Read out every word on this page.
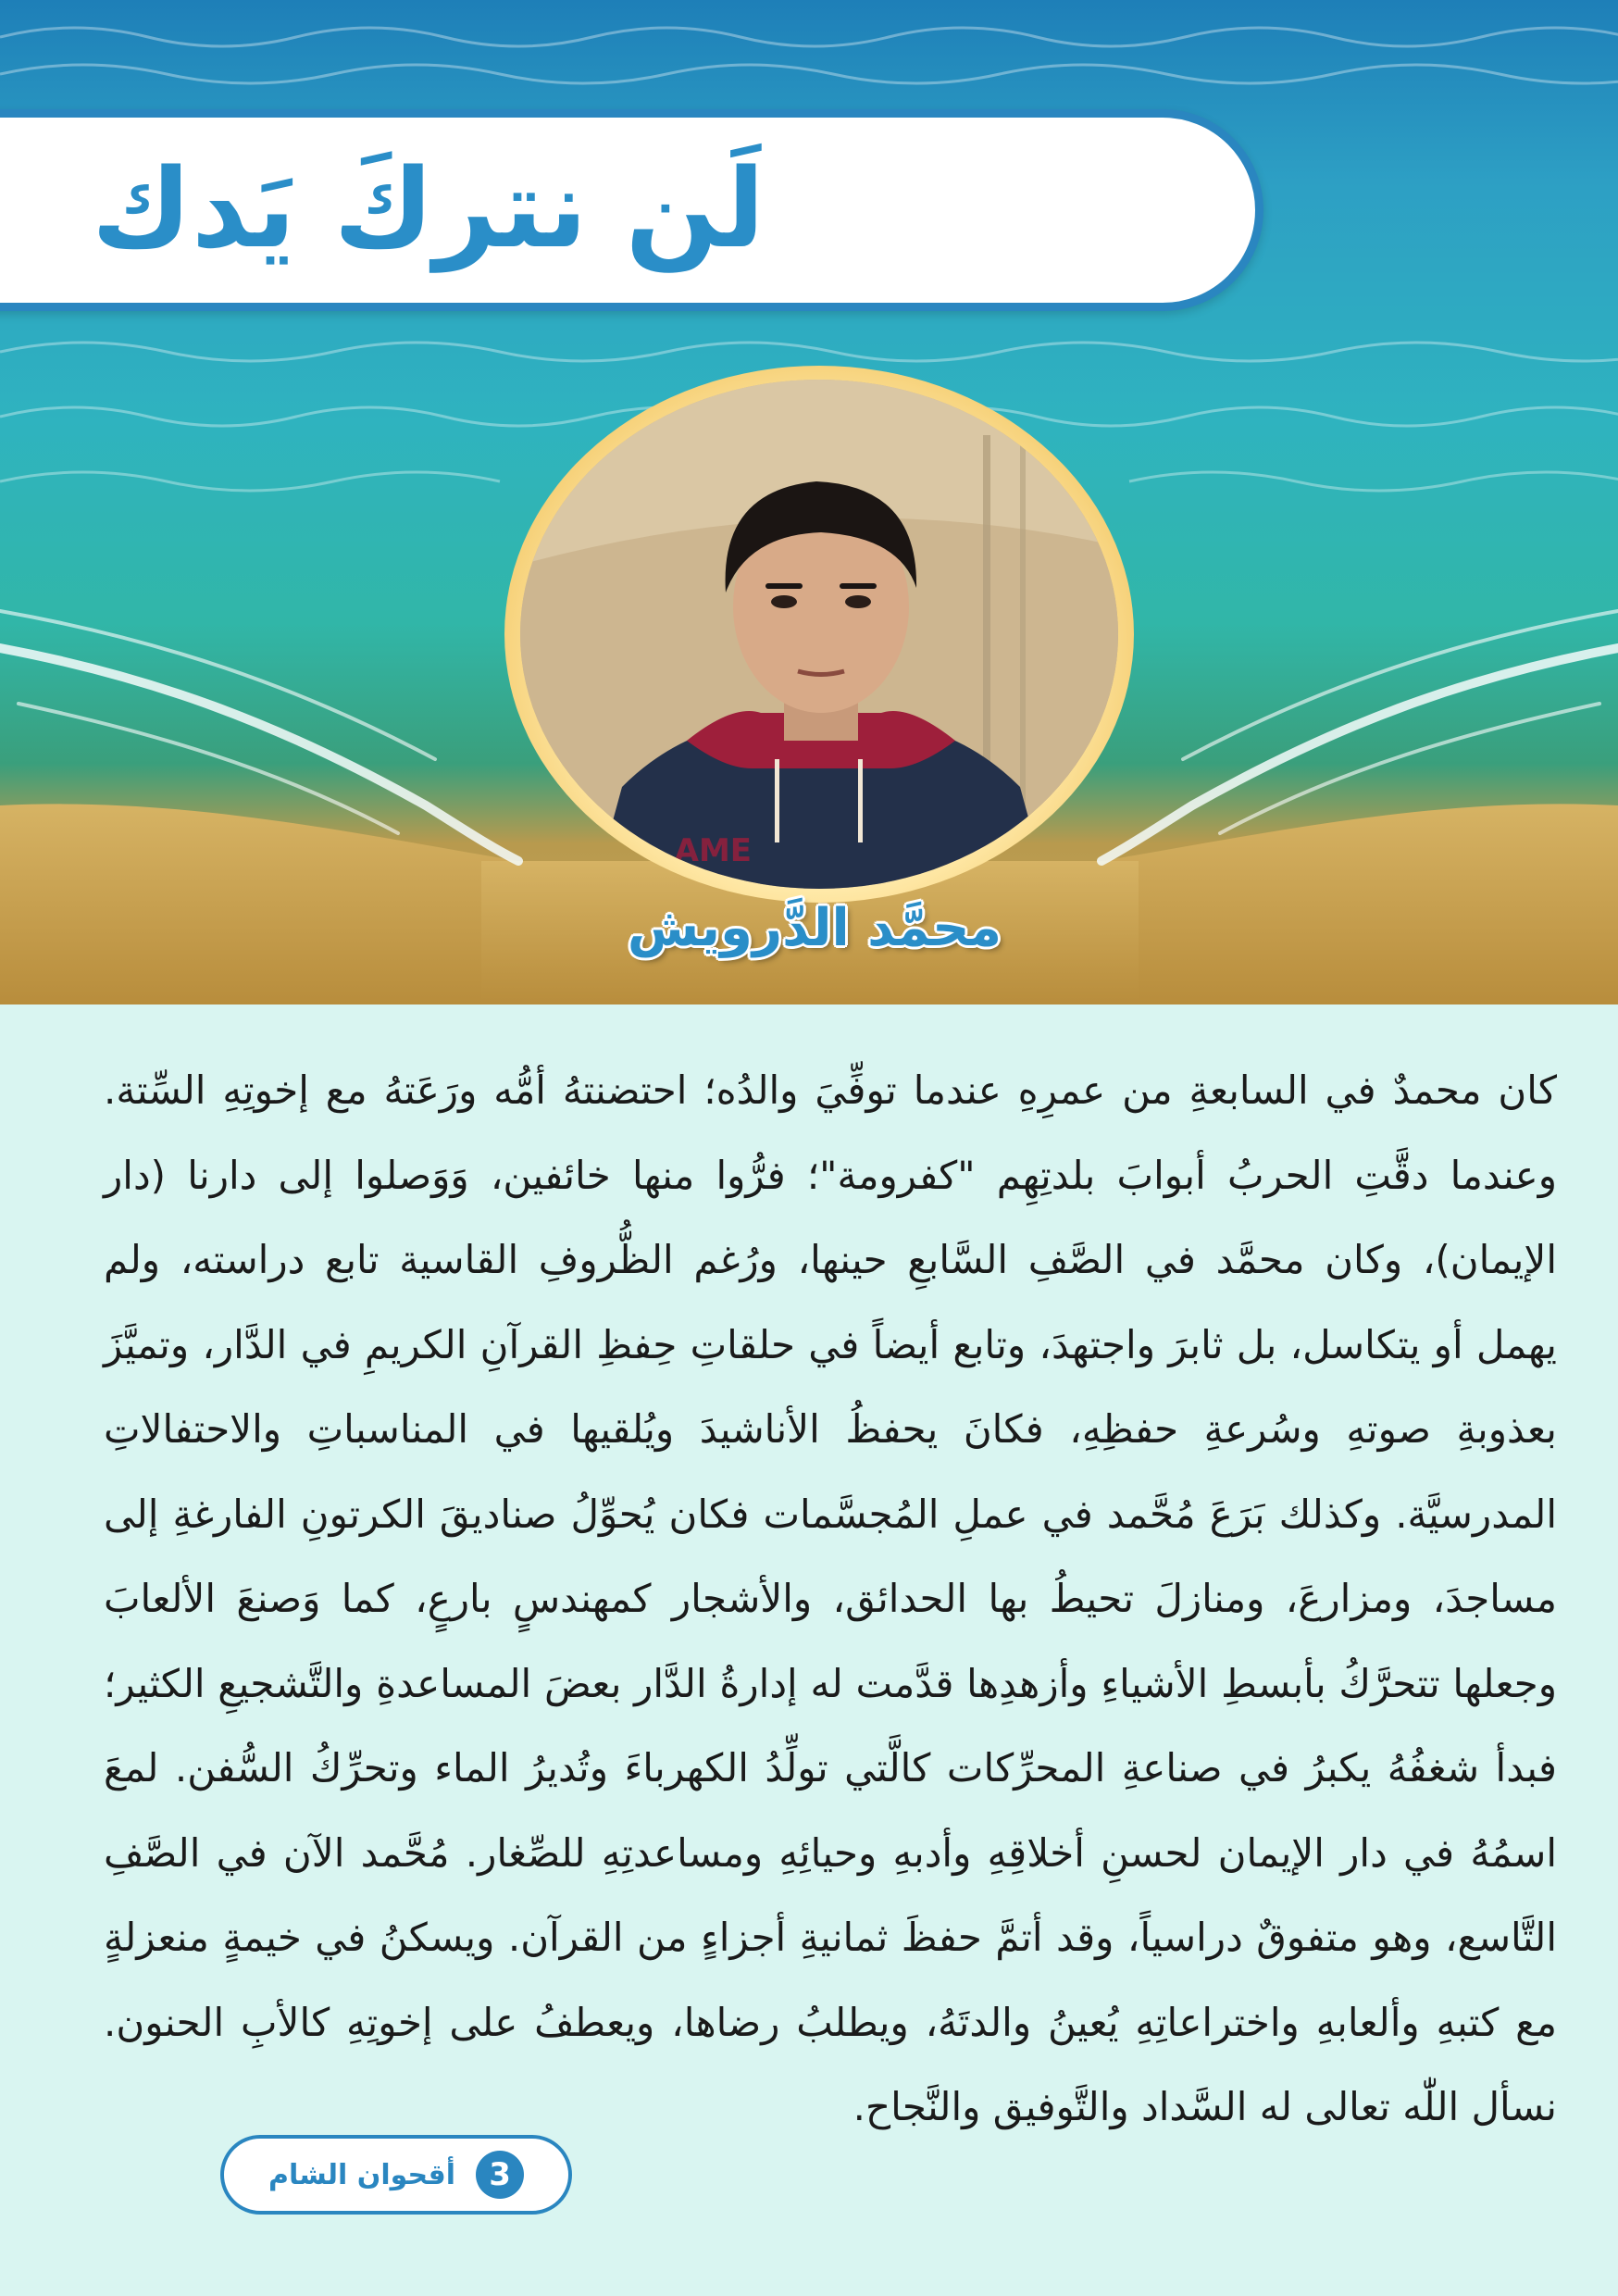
لَن نتركَ يَدك
AME
محمَّد الدَّرويش
كان محمدٌ في السابعةِ من عمرِهِ عندما توفِّيَ والدُه؛ احتضنتهُ أمُّه ورَعَتهُ مع إخوتِهِ السِّتة. وعندما دقَّتِ الحربُ أبوابَ بلدتِهِم "كفرومة"؛ فرُّوا منها خائفين، وَوَصلوا إلى دارنا (دار الإيمان)، وكان محمَّد في الصَّفِ السَّابعِ حينها، ورُغم الظُّروفِ القاسية تابع دراسته، ولم يهمل أو يتكاسل، بل ثابرَ واجتهدَ، وتابع أيضاً في حلقاتِ حِفظِ القرآنِ الكريمِ في الدَّار، وتميَّزَ بعذوبةِ صوتهِ وسُرعةِ حفظِهِ، فكانَ يحفظُ الأناشيدَ ويُلقيها في المناسباتِ والاحتفالاتِ المدرسيَّة. وكذلك بَرَعَ مُحَّمد في عملِ المُجسَّمات فكان يُحوِّلُ صناديقَ الكرتونِ الفارغةِ إلى مساجدَ، ومزارعَ، ومنازلَ تحيطُ بها الحدائق، والأشجار كمهندسٍ بارعٍ، كما وَصنعَ الألعابَ وجعلها تتحرَّكُ بأبسطِ الأشياءِ وأزهدِها قدَّمت له إدارةُ الدَّار بعضَ المساعدةِ والتَّشجيعِ الكثير؛ فبدأ شغفُهُ يكبرُ في صناعةِ المحرِّكات كالَّتي تولِّدُ الكهرباءَ وتُديرُ الماء وتحرِّكُ السُّفن. لمعَ اسمُهُ في دار الإيمان لحسنِ أخلاقِهِ وأدبهِ وحيائِهِ ومساعدتِهِ للصِّغار. مُحَّمد الآن في الصَّفِ التَّاسع، وهو متفوقٌ دراسياً، وقد أتمَّ حفظَ ثمانيةِ أجزاءٍ من القرآن. ويسكنُ في خيمةٍ منعزلةٍ مع كتبهِ وألعابهِ واختراعاتِهِ يُعينُ والدتَهُ، ويطلبُ رضاها، ويعطفُ على إخوتِهِ كالأبِ الحنون. نسأل اللّٰه تعالى له السَّداد والتَّوفيق والنَّجاح.
3
أقحوان الشام
